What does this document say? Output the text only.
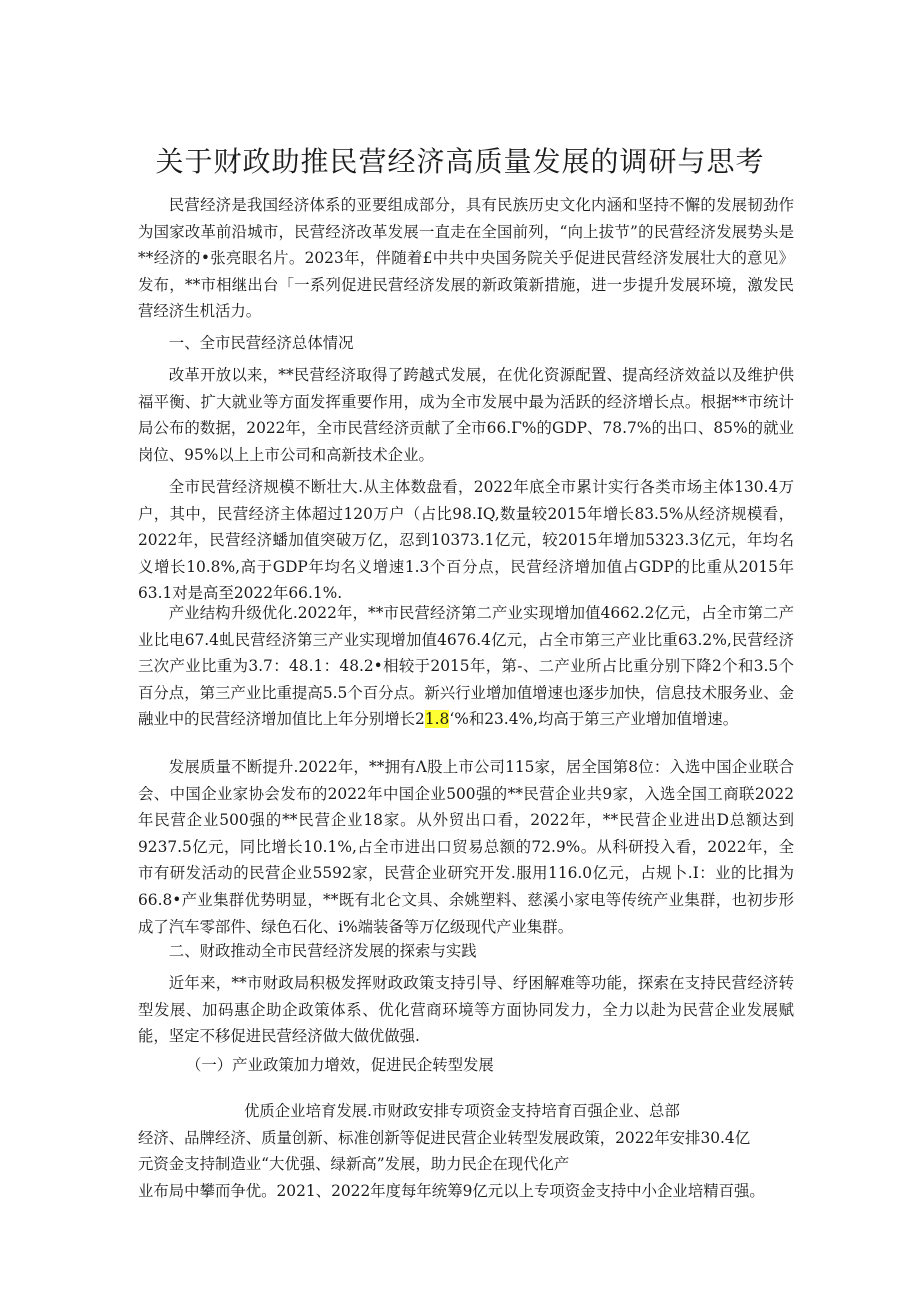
关于财政助推民营经济高质量发展的调研与思考

民营经济是我国经济体系的亚要组成部分，具有民族历史文化内涵和坚持不懈的发展韧劲作为国家改革前沿城市，民营经济改革发展一直走在全国前列，“向上拔节”的民营经济发展势头是**经济的•张亮眼名片。2023年，伴随着£中共中央国务院关乎促进民营经济发展壮大的意见》发布，**市相继出台「一系列促进民营经济发展的新政策新措施，进一步提升发展环境，激发民营经济生机活力。

一、全市民营经济总体情况

改革开放以来，**民营经济取得了跨越式发展，在优化资源配置、提高经济效益以及维护供福平衡、扩大就业等方面发挥重要作用，成为全市发展中最为活跃的经济增长点。根据**市统计局公布的数据，2022年，全市民营经济贡献了全市66.Γ%的GDP、78.7%的出口、85%的就业岗位、95%以上上市公司和高新技术企业。

全市民营经济规模不断壮大.从主体数盘看，2022年底全市累计实行各类市场主体130.4万户，其中，民营经济主体超过120万户（占比98.IQ,数量较2015年增长83.5%从经济规模看，2022年，民营经济蟠加值突破万亿，忍到10373.1亿元，较2015年增加5323.3亿元，年均名义增长10.8%,高于GDP年均名义增速1.3个百分点，民营经济增加值占GDP的比重从2015年63.1对是高至2022年66.1%.

产业结构升级优化.2022年，**市民营经济第二产业实现增加值4662.2亿元，占全市第二产业比电67.4虬民营经济第三产业实现增加值4676.4亿元，占全市第三产业比重63.2%,民营经济三次产业比重为3.7：48.1：48.2•相较于2015年，第-、二产业所占比重分别下降2个和3.5个百分点，第三产业比重提高5.5个百分点。新兴行业增加值增速也逐步加快，信息技术服务业、金融业中的民营经济增加值比上年分别增长21.8‘%和23.4%,均高于第三产业增加值增速。

发展质量不断提升.2022年，**拥有Λ股上市公司115家，居全国第8位：入选中国企业联合会、中国企业家协会发布的2022年中国企业500强的**民营企业共9家，入选全国工商联2022年民营企业500强的**民营企业18家。从外贸出口看，2022年，**民营企业进出D总额达到9237.5亿元，同比增长10.1%,占全市进出口贸易总额的72.9%。从科研投入看，2022年，全市有研发活动的民营企业5592家，民营企业研究开发.服用116.0亿元，占规卜.I：业的比揖为66.8•产业集群优势明显，**既有北仑文具、余姚塑料、慈溪小家电等传统产业集群，也初步形成了汽车零部件、绿色石化、i%端装备等万亿级现代产业集群。

二、财政推动全市民营经济发展的探索与实践

近年来，**市财政局积极发挥财政政策支持引导、纾困解难等功能，探索在支持民营经济转型发展、加码惠企助企政策体系、优化营商环境等方面协同发力，全力以赴为民营企业发展赋能，坚定不移促进民营经济做大做优做强.

（一）产业政策加力增效，促进民企转型发展

优质企业培育发展.市财政安排专项资金支持培育百强企业、总部
经济、品牌经济、质量创新、标准创新等促进民营企业转型发展政策，2022年安排30.4亿
元资金支持制造业“大优强、绿新高”发展，助力民企在现代化产
业布局中攀而争优。2021、2022年度每年统筹9亿元以上专项资金支持中小企业培精百强。
